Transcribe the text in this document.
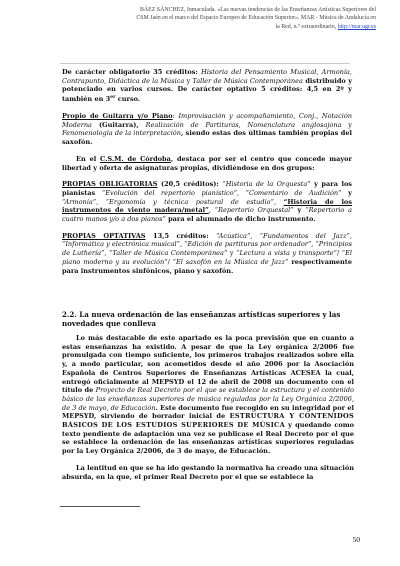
BÁEZ SÁNCHEZ, Inmaculada. «Las nuevas tendencias de las Enseñanzas Artísticas Superiores del
CSM Jaén en el marco del Espacio Europeo de Educación Superior». MAR - Música de Andalucía en
la Red, n.º extraordinario, http://mar.ugr.es

De carácter obligatorio 35 créditos: Historia del Pensamiento Musical, Armonía, Contrapunto, Didáctica de la Música y Taller de Música Contemporánea distribuido y potenciado en varios cursos. De carácter optativo 5 créditos: 4,5 en 2º y también en 3er curso.

Propio de Guitarra y/o Piano: Improvisación y acompañamiento, Conj., Notación Moderna (Guitarra), Realización de Partituras, Nomenclatura anglosajona y Fenomenología de la interpretación, siendo estas dos últimas también propias del saxofón.

En el C.S.M. de Córdoba, destaca por ser el centro que concede mayor libertad y oferta de asignaturas propias, dividiéndose en dos grupos:

PROPIAS OBLIGATORIAS (20,5 créditos): “Historia de la Orquesta” y para los pianistas “Evolución del repertorio pianístico”, “Comentario de Audición” y “Armonía”, “Ergonomía y técnica postural de estudio”, “Historia de los instrumentos de viento madera/metal”, “Repertorio Orquestal” y “Repertorio a cuatro manos y/o a dos pianos” para el alumnado de dicho instrumento.

PROPIAS OPTATIVAS 13,5 créditos: “Acústica”, “Fundamentos del Jazz”, “Informática y electrónica musical”, “Edición de partituras por ordenador”, “Principios de Luthería”, “Taller de Música Contemporánea” y “Lectura a vista y transporte”/ “El piano moderno y su evolución”/ “El saxofón en la Música de Jazz” respectivamente para instrumentos sinfónicos, piano y saxofón.

2.2. La nueva ordenación de las enseñanzas artísticas superiores y las novedades que conlleva

Lo más destacable de este apartado es la poca previsión que en cuanto a estas enseñanzas ha existido. A pesar de que la Ley orgánica 2/2006 fue promulgada con tiempo suficiente, los primeros trabajos realizados sobre ella y, a modo particular, son acometidos desde el año 2006 por la Asociación Española de Centros Superiores de Enseñanzas Artísticas ACESEA la cual, entregó oficialmente al MEPSYD el 12 de abril de 2008 un documento con el título de Proyecto de Real Decreto por el que se establece la estructura y el contenido básico de las enseñanzas superiores de música reguladas por la Ley Orgánica 2/2006, de 3 de mayo, de Educación. Este documento fue recogido en su integridad por el MEPSYD, sirviendo de borrador inicial de ESTRUCTURA Y CONTENIDOS BÁSICOS DE LOS ESTUDIOS SUPERIORES DE MÚSICA y quedando como texto pendiente de adaptación una vez se publicase el Real Decreto por el que se establece la ordenación de las enseñanzas artísticas superiores reguladas por la Ley Orgánica 2/2006, de 3 de mayo, de Educación.

La lentitud en que se ha ido gestando la normativa ha creado una situación absurda, en la que, el primer Real Decreto por el que se establece la

50
